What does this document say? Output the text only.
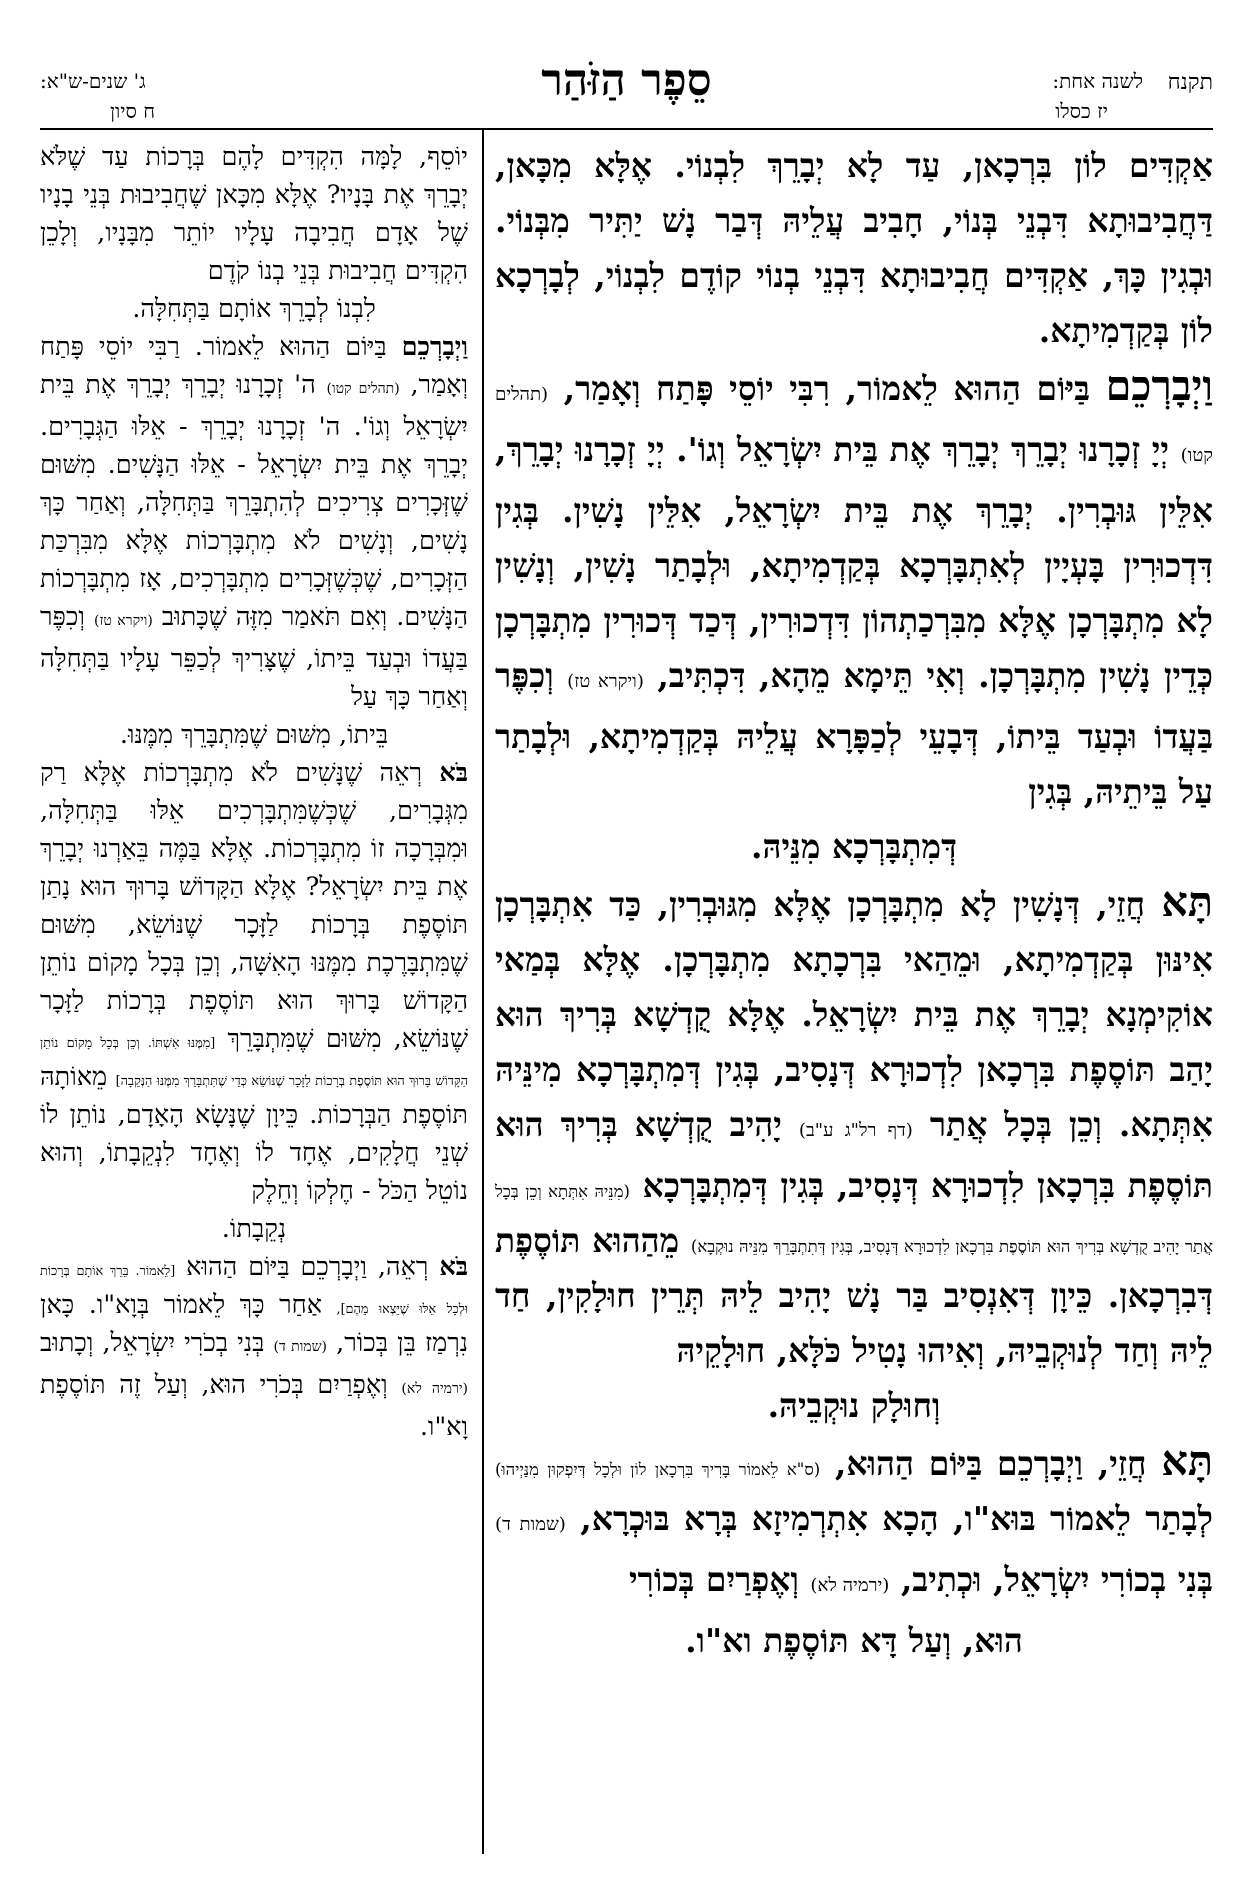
תקנח
לשנה אחת:
יז כסלו
סֵפֶר הַזֹּהַר
ג' שנים-ש"א:
ח סיון

אַקְדִּים לוֹן בִּרְכָאן, עַד לָא יְבָרֵךְ לִבְנוֹי. אֶלָּא מִכָּאן, דַּחֲבִיבוּתָא דִּבְנֵי בְּנוֹי, חָבִיב עֲלֵיהּ דְּבַר נָשׁ יַתִּיר מִבְּנוֹי. וּבְגִין כָּךְ, אַקְדִּים חֲבִיבוּתָא דִּבְנֵי בְנוֹי קוֹדֶם לִבְנוֹי, לְבָרְכָא לוֹן בְּקַדְמִיתָא.

וַיְבָרְכֵם בַּיּוֹם הַהוּא לֵאמוֹר, רִבִּי יוֹסֵי פָּתַח וְאָמַר, (תהלים קטו) יְיָ זְכָרָנוּ יְבָרֵךְ יְבָרֵךְ אֶת בֵּית יִשְׂרָאֵל וְגוֹ'. יְיָ זְכָרָנוּ יְבָרֵךְ, אִלֵּין גּוּבְרִין. יְבָרֵךְ אֶת בֵּית יִשְׂרָאֵל, אִלֵּין נָשִׁין. בְּגִין דִּדְכוּרִין בָּעְיָין לְאִתְבָּרְכָא בְּקַדְמִיתָא, וּלְבָתַר נָשִׁין, וְנָשִׁין לָא מִתְבָּרְכָן אֶלָּא מִבִּרְכַתְהוֹן דִּדְכוּרִין, דְּכַד דְּכוּרִין מִתְבָּרְכָן כְּדֵין נָשִׁין מִתְבָּרְכָן. וְאִי תֵּימָא מֵהָא, דִּכְתִּיב, (ויקרא טז) וְכִפֶּר בַּעֲדוֹ וּבְעַד בֵּיתוֹ, דְּבָעֵי לְכַפָּרָא עֲלֵיהּ בְּקַדְמִיתָא, וּלְבָתַר עַל בֵּיתֵיהּ, בְּגִין

דְּמִתְבָּרְכָא מִנֵּיהּ.

תָּא חֲזֵי, דְּנָשִׁין לָא מִתְבָּרְכָן אֶלָּא מִגּוּבְרִין, כַּד אִתְבָּרְכָן אִינּוּן בְּקַדְמִיתָא, וּמֵהַאי בִּרְכָתָא מִתְבָּרְכָן. אֶלָּא בְּמַאי אוֹקִימְנָא יְבָרֵךְ אֶת בֵּית יִשְׂרָאֵל. אֶלָּא קֻדְשָׁא בְּרִיךְ הוּא יָהַב תּוֹסֶפֶת בִּרְכָאן לִדְכוּרָא דְּנָסִיב, בְּגִין דְּמִתְבָּרְכָא מִינֵּיהּ אִתְּתָא. וְכֵן בְּכָל אֲתַר (דף רל"ג ע"ב) יָהִיב קֻדְשָׁא בְּרִיךְ הוּא תּוֹסֶפֶת בִּרְכָאן לִדְכוּרָא דְּנָסִיב, בְּגִין דְּמִתְבָּרְכָא (מִנֵּיהּ אִתְּתָא וְכֵן בְּכָל אֲתַר יָהִיב קֻדְשָׁא בְּרִיךְ הוּא תּוֹסֶפֶת בִּרְכָאן לִדְכוּרָא דְּנָסִיב, בְּגִין דְּתִתְבָּרֵךְ מִנֵּיהּ נוּקְבָא) מֵהַהוּא תּוֹסֶפֶת דְּבִרְכָאן. כֵּיוָן דְּאִנְסִיב בַּר נָשׁ יָהִיב לֵיהּ תְּרֵין חוּלָקִין, חַד לֵיהּ וְחַד לְנוּקְבֵיהּ, וְאִיהוּ נָטִיל כֹּלָּא, חוּלָקֵיהּ

וְחוּלָק נוּקְבֵיהּ.

תָּא חֲזֵי, וַיְבָרְכֵם בַּיּוֹם הַהוּא, (ס"א לֵאמוֹר בָּרִיךְ בִּרְכָאן לוֹן וּלְכָל דְּיִפְקוּן מִנַּיְיהוּ) לְבָתַר לֵאמוֹר בּוּא"ו, הָכָא אִתְרְמִיזָא בְּרָא בּוּכְרָא, (שמות ד) בְּנִי בְכוֹרִי יִשְׂרָאֵל, וּכְתִיב, (ירמיה לא) וְאֶפְרַיִם בְּכוֹרִי

הוּא, וְעַל דָּא תּוֹסֶפֶת וא"ו.

יוֹסֵף, לָמָּה הִקְדִּים לָהֶם בְּרָכוֹת עַד שֶׁלֹּא יְבָרֵךְ אֶת בָּנָיו? אֶלָּא מִכָּאן שֶׁחֲבִיבוּת בְּנֵי בָנָיו שֶׁל אָדָם חֲבִיבָה עָלָיו יוֹתֵר מִבָּנָיו, וְלָכֵן הִקְדִּים חֲבִיבוּת בְּנֵי בְנוֹ קֹדֶם

לִבְנוֹ לְבָרֵךְ אוֹתָם בַּתְּחִלָּה.

וַיְבָרְכֵם בַּיּוֹם הַהוּא לֵאמוֹר. רַבִּי יוֹסֵי פָּתַח וְאָמַר, (תהלים קטו) ה' זְכָרָנוּ יְבָרֵךְ יְבָרֵךְ אֶת בֵּית יִשְׂרָאֵל וְגוֹ'. ה' זְכָרָנוּ יְבָרֵךְ - אֵלּוּ הַגְּבָרִים. יְבָרֵךְ אֶת בֵּית יִשְׂרָאֵל - אֵלּוּ הַנָּשִׁים. מִשּׁוּם שֶׁזְּכָרִים צְרִיכִים לְהִתְבָּרֵךְ בַּתְּחִלָּה, וְאַחַר כָּךְ נָשִׁים, וְנָשִׁים לֹא מִתְבָּרְכוֹת אֶלָּא מִבִּרְכַּת הַזְּכָרִים, שֶׁכְּשֶׁזְּכָרִים מִתְבָּרְכִים, אָז מִתְבָּרְכוֹת הַנָּשִׁים. וְאִם תֹּאמַר מִזֶּה שֶׁכָּתוּב (ויקרא טז) וְכִפֶּר בַּעֲדוֹ וּבְעַד בֵּיתוֹ, שֶׁצָּרִיךְ לְכַפֵּר עָלָיו בַּתְּחִלָּה וְאַחַר כָּךְ עַל

בֵּיתוֹ, מִשּׁוּם שֶׁמִּתְבָּרֵךְ מִמֶּנּוּ.

בֹּא רְאֵה שֶׁנָּשִׁים לֹא מִתְבָּרְכוֹת אֶלָּא רַק מִגְּבָרִים, שֶׁכְּשֶׁמִּתְבָּרְכִים אֵלּוּ בַּתְּחִלָּה, וּמִבְּרָכָה זוֹ מִתְבָּרְכוֹת. אֶלָּא בַּמֶּה בֵּאַרְנוּ יְבָרֵךְ אֶת בֵּית יִשְׂרָאֵל? אֶלָּא הַקָּדוֹשׁ בָּרוּךְ הוּא נָתַן תּוֹסֶפֶת בְּרָכוֹת לַזָּכָר שֶׁנּוֹשֵׂא, מִשּׁוּם שֶׁמִּתְבָּרֶכֶת מִמֶּנּוּ הָאִשָּׁה, וְכֵן בְּכָל מָקוֹם נוֹתֵן הַקָּדוֹשׁ בָּרוּךְ הוּא תּוֹסֶפֶת בְּרָכוֹת לַזָּכָר שֶׁנּוֹשֵׂא, מִשּׁוּם שֶׁמִּתְבָּרֵךְ [מִמֶּנּוּ אִשְׁתּוֹ. וְכֵן בְּכָל מָקוֹם נוֹתֵן הַקָּדוֹשׁ בָּרוּךְ הוּא תּוֹסֶפֶת בְּרָכוֹת לַזָּכָר שֶׁנּוֹשֵׂא כְּדֵי שֶׁתִּתְבָּרֵךְ מִמֶּנּוּ הַנְּקֵבָה] מֵאוֹתָהּ תּוֹסֶפֶת הַבְּרָכוֹת. כֵּיוָן שֶׁנָּשָׂא הָאָדָם, נוֹתֵן לוֹ שְׁנֵי חֲלָקִים, אֶחָד לוֹ וְאֶחָד לִנְקֵבָתוֹ, וְהוּא נוֹטֵל הַכֹּל - חֶלְקוֹ וְחֵלֶק

נְקֵבָתוֹ.

בֹּא רְאֵה, וַיְבָרְכֵם בַּיּוֹם הַהוּא [לֵאמוֹר. בֵּרֵךְ אוֹתָם בְּרָכוֹת וּלְכָל אֵלּוּ שֶׁיֵּצְאוּ מֵהֶם], אַחַר כָּךְ לֵאמוֹר בְּוָא"ו. כָּאן נִרְמַז בֵּן בְּכוֹר, (שמות ד) בְּנִי בְכֹרִי יִשְׂרָאֵל, וְכָתוּב (ירמיה לא) וְאֶפְרַיִם בְּכֹרִי הוּא, וְעַל זֶה תּוֹסֶפֶת וָא"ו.
